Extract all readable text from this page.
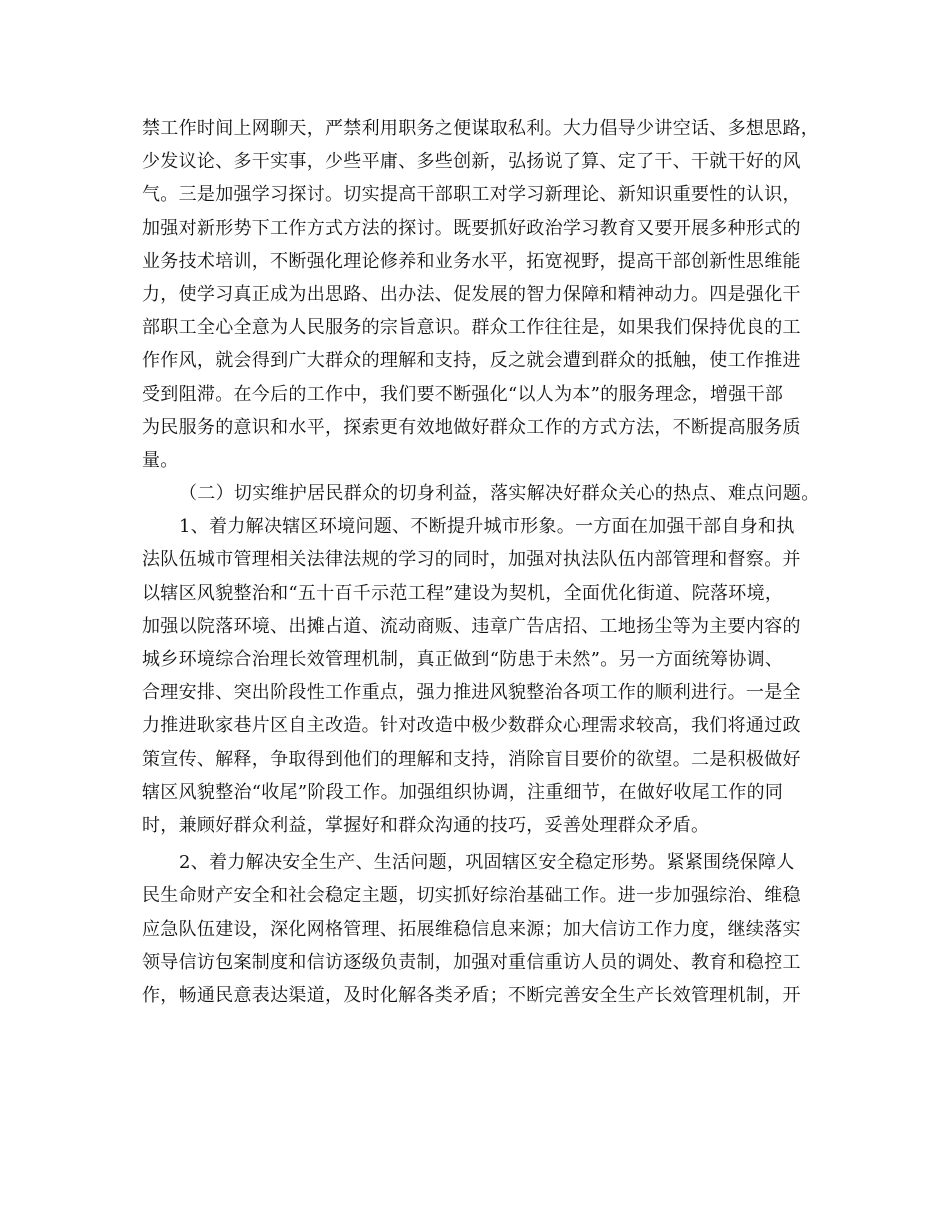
禁工作时间上网聊天，严禁利用职务之便谋取私利。大力倡导少讲空话、多想思路，
少发议论、多干实事，少些平庸、多些创新，弘扬说了算、定了干、干就干好的风
气。三是加强学习探讨。切实提高干部职工对学习新理论、新知识重要性的认识，
加强对新形势下工作方式方法的探讨。既要抓好政治学习教育又要开展多种形式的
业务技术培训，不断强化理论修养和业务水平，拓宽视野，提高干部创新性思维能
力，使学习真正成为出思路、出办法、促发展的智力保障和精神动力。四是强化干
部职工全心全意为人民服务的宗旨意识。群众工作往往是，如果我们保持优良的工
作作风，就会得到广大群众的理解和支持，反之就会遭到群众的抵触，使工作推进
受到阻滞。在今后的工作中，我们要不断强化“以人为本”的服务理念，增强干部
为民服务的意识和水平，探索更有效地做好群众工作的方式方法，不断提高服务质
量。
（二）切实维护居民群众的切身利益，落实解决好群众关心的热点、难点问题。
1、着力解决辖区环境问题、不断提升城市形象。一方面在加强干部自身和执
法队伍城市管理相关法律法规的学习的同时，加强对执法队伍内部管理和督察。并
以辖区风貌整治和“五十百千示范工程”建设为契机，全面优化街道、院落环境，
加强以院落环境、出摊占道、流动商贩、违章广告店招、工地扬尘等为主要内容的
城乡环境综合治理长效管理机制，真正做到“防患于未然”。另一方面统筹协调、
合理安排、突出阶段性工作重点，强力推进风貌整治各项工作的顺利进行。一是全
力推进耿家巷片区自主改造。针对改造中极少数群众心理需求较高，我们将通过政
策宣传、解释，争取得到他们的理解和支持，消除盲目要价的欲望。二是积极做好
辖区风貌整治“收尾”阶段工作。加强组织协调，注重细节，在做好收尾工作的同
时，兼顾好群众利益，掌握好和群众沟通的技巧，妥善处理群众矛盾。
2、着力解决安全生产、生活问题，巩固辖区安全稳定形势。紧紧围绕保障人
民生命财产安全和社会稳定主题，切实抓好综治基础工作。进一步加强综治、维稳
应急队伍建设，深化网格管理、拓展维稳信息来源；加大信访工作力度，继续落实
领导信访包案制度和信访逐级负责制，加强对重信重访人员的调处、教育和稳控工
作，畅通民意表达渠道，及时化解各类矛盾；不断完善安全生产长效管理机制，开
